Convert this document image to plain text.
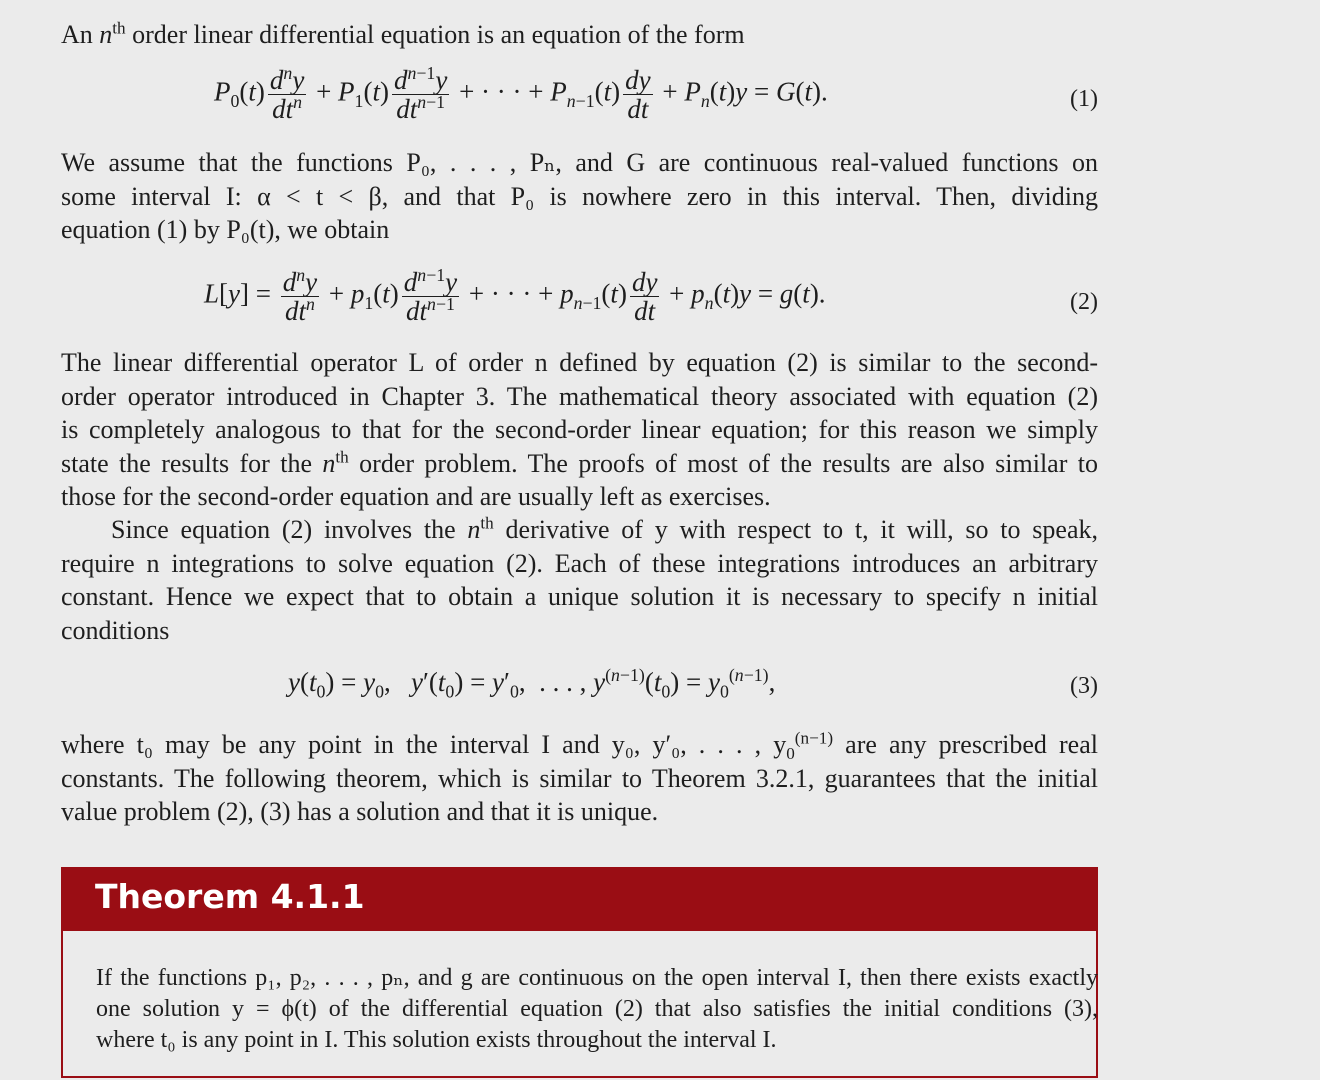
An $n^{th}$ order linear differential equation is an equation of the form
$P_0(t) \frac{d^ny}{dt^n} + P_1(t) \frac{d^{n-1}y}{dt^{n-1}}$ + · · · + $P_{n-1}(t) \frac{dy}{dt} + P_n(t)y = G(t)$.	(1)
We assume that the functions P₀, . . . , Pₙ, and G are continuous real-valued functions on
some interval I: α < t < β, and that P₀ is nowhere zero in this interval. Then, dividing
equation (1) by P₀(t), we obtain
$L[y] = \frac{d^ny}{dt^n} + p_1(t) \frac{d^{n-1}y}{dt^{n-1}}$ + · · · + $p_{n-1}(t) \frac{dy}{dt} + p_n(t)y = g(t)$.	(2)
The linear differential operator L of order n defined by equation (2) is similar to the second-
order operator introduced in Chapter 3. The mathematical theory associated with equation (2)
is completely analogous to that for the second-order linear equation; for this reason we simply
state the results for the $n^{th}$ order problem. The proofs of most of the results are also similar to
those for the second-order equation and are usually left as exercises.
Since equation (2) involves the $n^{th}$ derivative of y with respect to t, it will, so to speak,
require n integrations to solve equation (2). Each of these integrations introduces an arbitrary
constant. Hence we expect that to obtain a unique solution it is necessary to specify n initial
conditions
$y(t_0) = y_0$,   $y'(t_0) = y'_0$,  . . . , $y^{(n-1)}(t_0) = y_0^{(n-1)}$,	(3)
where t₀ may be any point in the interval I and y₀, y′₀, . . . , $y_0^{(n-1)}$ are any prescribed real
constants. The following theorem, which is similar to Theorem 3.2.1, guarantees that the initial
value problem (2), (3) has a solution and that it is unique.
Theorem 4.1.1
If the functions p₁, p₂, . . . , pₙ, and g are continuous on the open interval I, then there exists exactly
one solution y = ϕ(t) of the differential equation (2) that also satisfies the initial conditions (3),
where t₀ is any point in I. This solution exists throughout the interval I.
